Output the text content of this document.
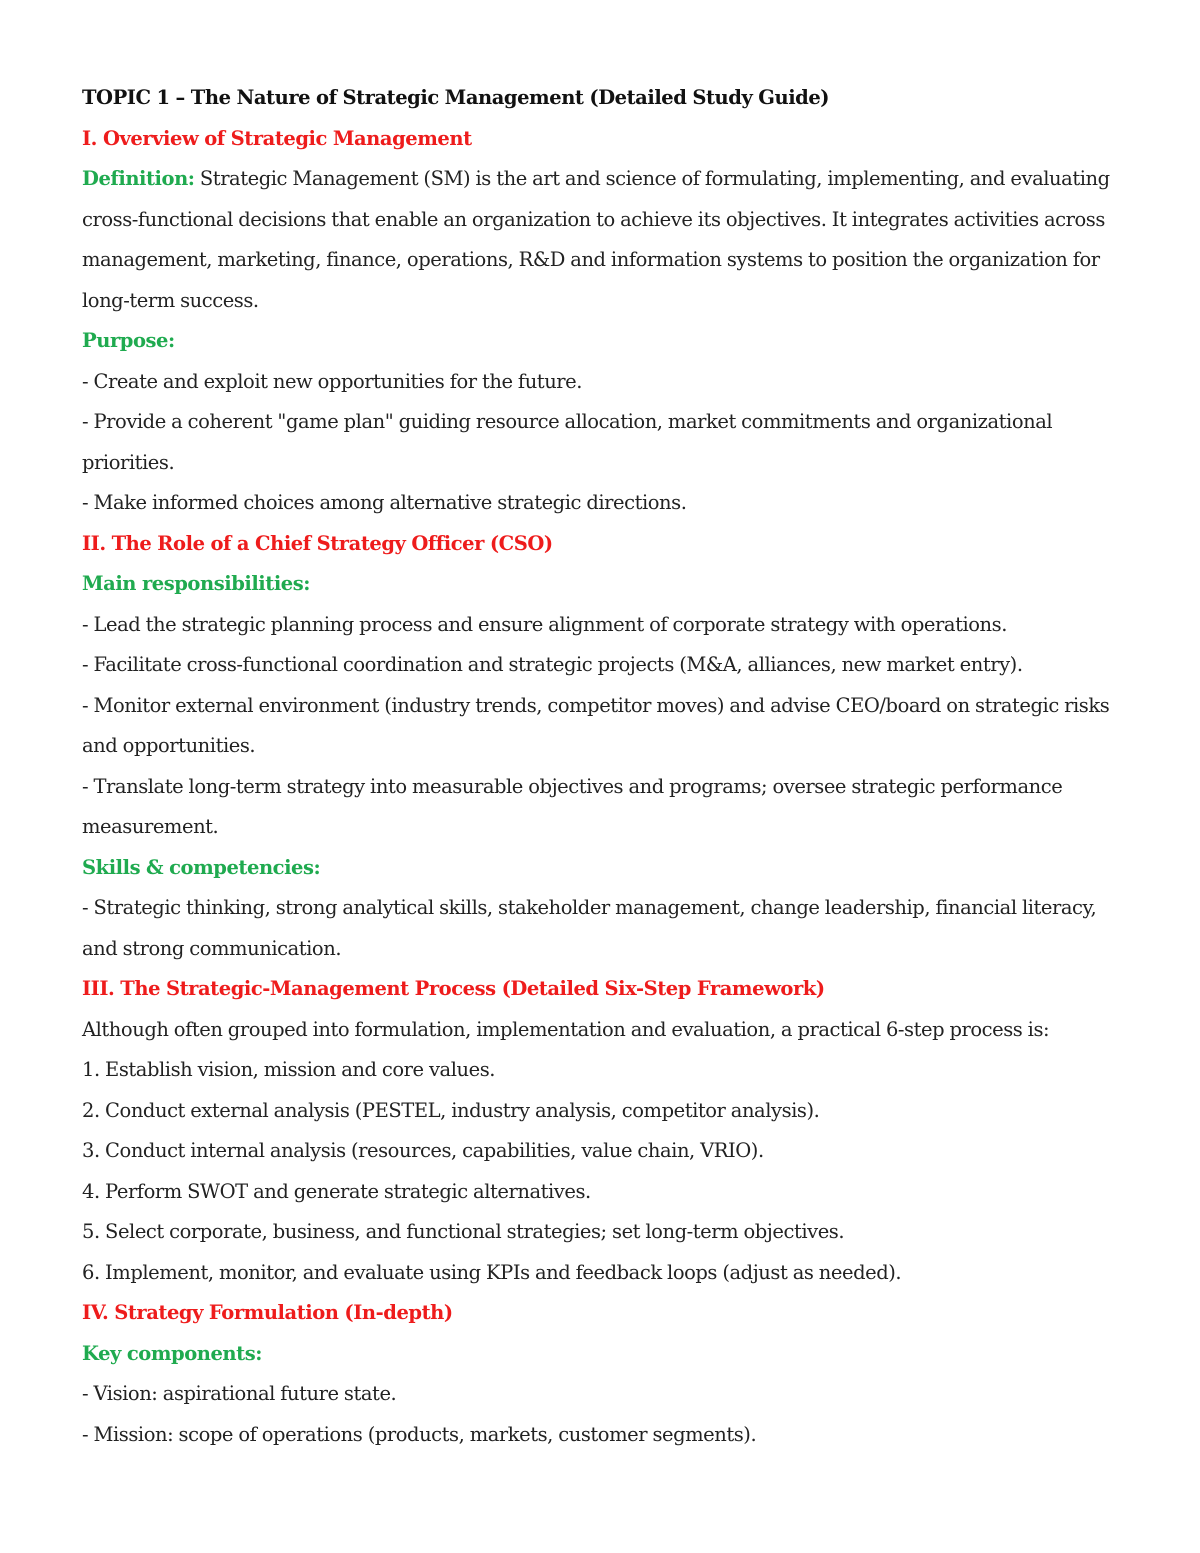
TOPIC 1 – The Nature of Strategic Management (Detailed Study Guide)

I. Overview of Strategic Management

Definition: Strategic Management (SM) is the art and science of formulating, implementing, and evaluating cross-functional decisions that enable an organization to achieve its objectives. It integrates activities across management, marketing, finance, operations, R&D and information systems to position the organization for long-term success.

Purpose:

- Create and exploit new opportunities for the future.

- Provide a coherent "game plan" guiding resource allocation, market commitments and organizational priorities.

- Make informed choices among alternative strategic directions.

II. The Role of a Chief Strategy Officer (CSO)

Main responsibilities:

- Lead the strategic planning process and ensure alignment of corporate strategy with operations.

- Facilitate cross-functional coordination and strategic projects (M&A, alliances, new market entry).

- Monitor external environment (industry trends, competitor moves) and advise CEO/board on strategic risks and opportunities.

- Translate long-term strategy into measurable objectives and programs; oversee strategic performance measurement.

Skills & competencies:

- Strategic thinking, strong analytical skills, stakeholder management, change leadership, financial literacy, and strong communication.

III. The Strategic-Management Process (Detailed Six-Step Framework)

Although often grouped into formulation, implementation and evaluation, a practical 6-step process is:

1. Establish vision, mission and core values.

2. Conduct external analysis (PESTEL, industry analysis, competitor analysis).

3. Conduct internal analysis (resources, capabilities, value chain, VRIO).

4. Perform SWOT and generate strategic alternatives.

5. Select corporate, business, and functional strategies; set long-term objectives.

6. Implement, monitor, and evaluate using KPIs and feedback loops (adjust as needed).

IV. Strategy Formulation (In-depth)

Key components:

- Vision: aspirational future state.

- Mission: scope of operations (products, markets, customer segments).
